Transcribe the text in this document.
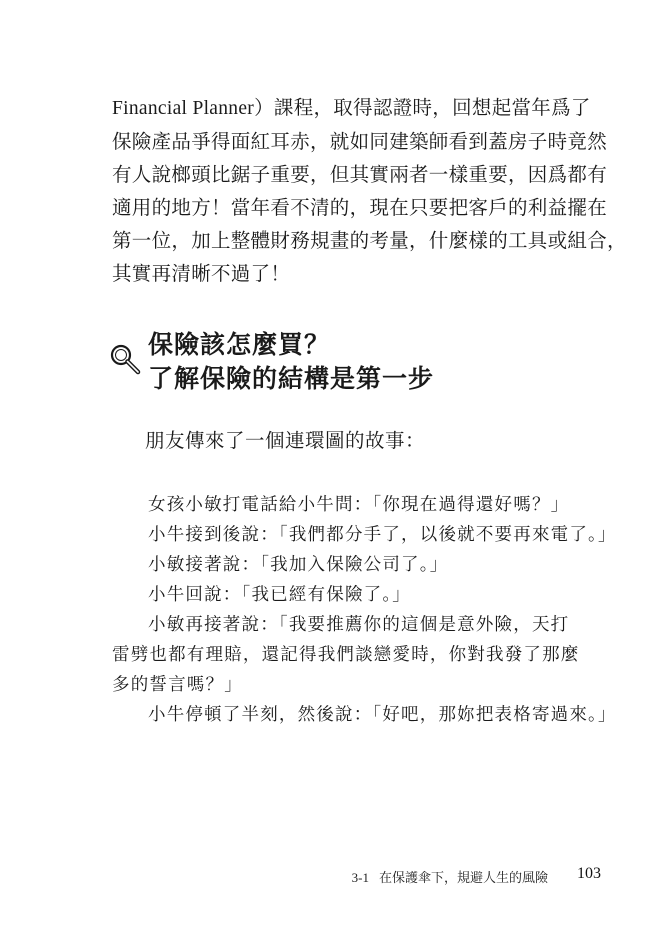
Financial Planner）課程，取得認證時，回想起當年爲了
保險產品爭得面紅耳赤，就如同建築師看到蓋房子時竟然
有人說榔頭比鋸子重要，但其實兩者一樣重要，因爲都有
適用的地方！當年看不清的，現在只要把客戶的利益擺在
第一位，加上整體財務規畫的考量，什麼樣的工具或組合，
其實再清晰不過了！
保險該怎麼買？
了解保險的結構是第一步
朋友傳來了一個連環圖的故事：
女孩小敏打電話給小牛問：「你現在過得還好嗎？」
小牛接到後說：「我們都分手了，以後就不要再來電了。」
小敏接著說：「我加入保險公司了。」
小牛回說：「我已經有保險了。」
小敏再接著說：「我要推薦你的這個是意外險，天打
雷劈也都有理賠，還記得我們談戀愛時，你對我發了那麼
多的誓言嗎？」
小牛停頓了半刻，然後說：「好吧，那妳把表格寄過來。」
3-1 在保護傘下，規避人生的風險 103
